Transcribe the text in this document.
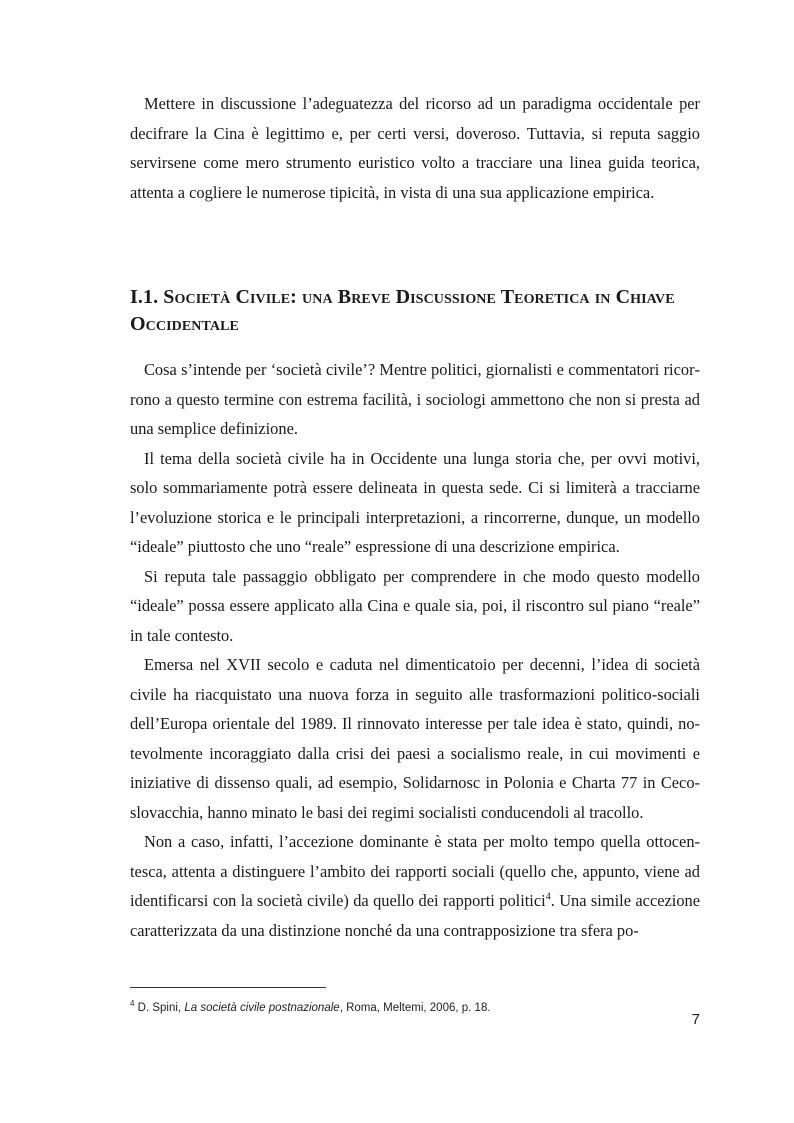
Mettere in discussione l’adeguatezza del ricorso ad un paradigma occidentale per decifrare la Cina è legittimo e, per certi versi, doveroso. Tuttavia, si reputa saggio servirsene come mero strumento euristico volto a tracciare una linea guida teorica, attenta a cogliere le numerose tipicità, in vista di una sua applicazione empirica.

I.1. Società Civile: una Breve Discussione Teoretica in Chiave Occidentale

Cosa s’intende per ‘società civile’? Mentre politici, giornalisti e commentatori ricorrono a questo termine con estrema facilità, i sociologi ammettono che non si presta ad una semplice definizione.

Il tema della società civile ha in Occidente una lunga storia che, per ovvi motivi, solo sommariamente potrà essere delineata in questa sede. Ci si limiterà a tracciarne l’evoluzione storica e le principali interpretazioni, a rincorrerne, dunque, un modello “ideale” piuttosto che uno “reale” espressione di una descrizione empirica.

Si reputa tale passaggio obbligato per comprendere in che modo questo modello “ideale” possa essere applicato alla Cina e quale sia, poi, il riscontro sul piano “reale” in tale contesto.

Emersa nel XVII secolo e caduta nel dimenticatoio per decenni, l’idea di società civile ha riacquistato una nuova forza in seguito alle trasformazioni politico-sociali dell’Europa orientale del 1989. Il rinnovato interesse per tale idea è stato, quindi, notevolmente incoraggiato dalla crisi dei paesi a socialismo reale, in cui movimenti e iniziative di dissenso quali, ad esempio, Solidarnosc in Polonia e Charta 77 in Cecoslovacchia, hanno minato le basi dei regimi socialisti conducendoli al tracollo.

Non a caso, infatti, l’accezione dominante è stata per molto tempo quella ottocentesca, attenta a distinguere l’ambito dei rapporti sociali (quello che, appunto, viene ad identificarsi con la società civile) da quello dei rapporti politici$^4$. Una simile accezione caratterizzata da una distinzione nonché da una contrapposizione tra sfera po-

$^4$ D. Spini, La società civile postnazionale, Roma, Meltemi, 2006, p. 18.
7
